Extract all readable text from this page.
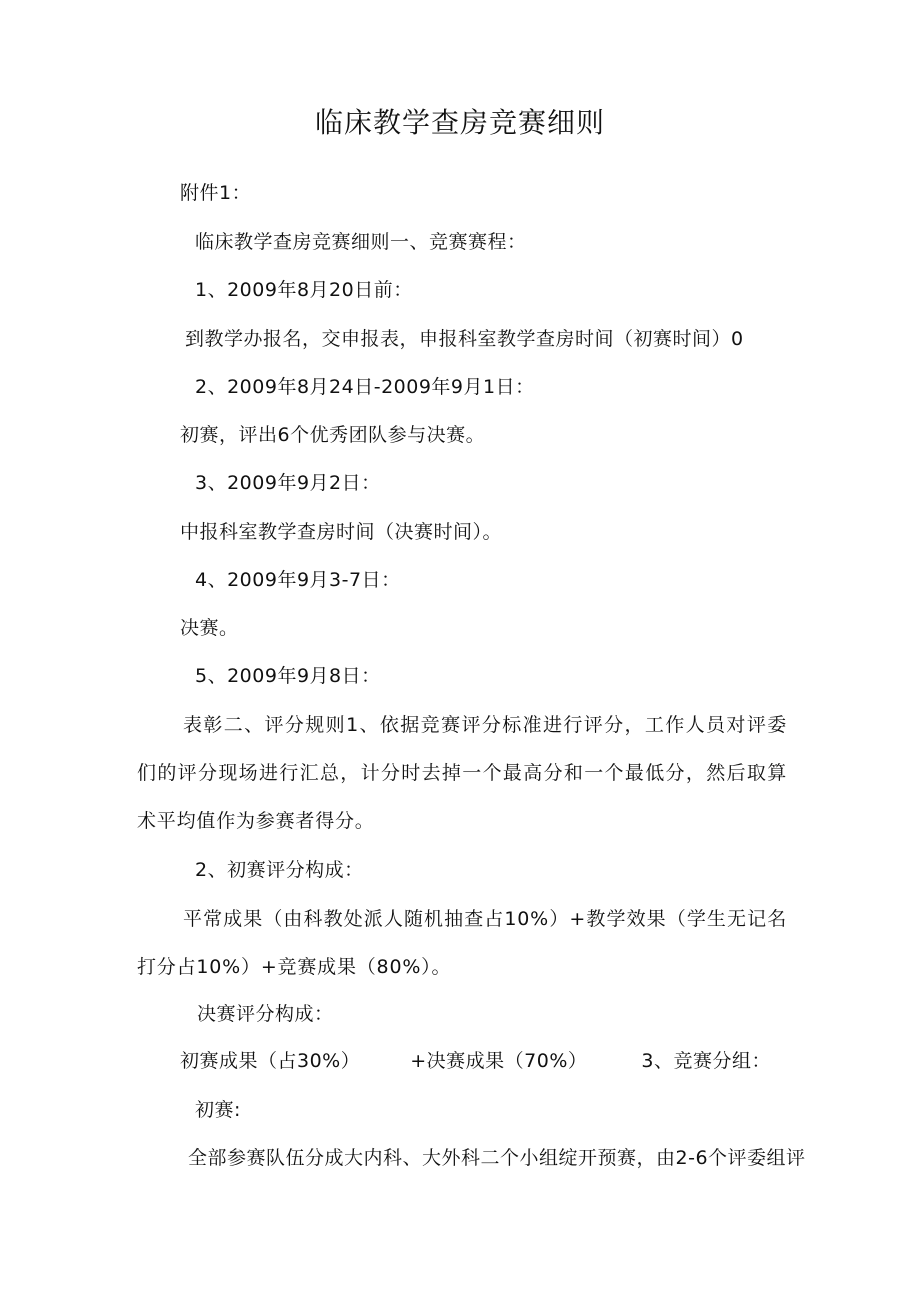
临床教学查房竞赛细则
附件1：
临床教学查房竞赛细则一、竞赛赛程：
1、2009年8月20日前：
到教学办报名，交申报表，申报科室教学查房时间（初赛时间）0
2、2009年8月24日-2009年9月1日：
初赛，评出6个优秀团队参与决赛。
3、2009年9月2日：
中报科室教学查房时间（决赛时间）。
4、2009年9月3-7日：
决赛。
5、2009年9月8日：
表彰二、评分规则1、依据竞赛评分标准进行评分，工作人员对评委们的评分现场进行汇总，计分时去掉一个最高分和一个最低分，然后取算术平均值作为参赛者得分。
2、初赛评分构成：
平常成果（由科教处派人随机抽查占10%）+教学效果（学生无记名打分占10%）+竞赛成果（80%）。
决赛评分构成：
初赛成果（占30%）	+决赛成果（70%）	3、竞赛分组：
初赛:
全部参赛队伍分成大内科、大外科二个小组绽开预赛，由2-6个评委组评
